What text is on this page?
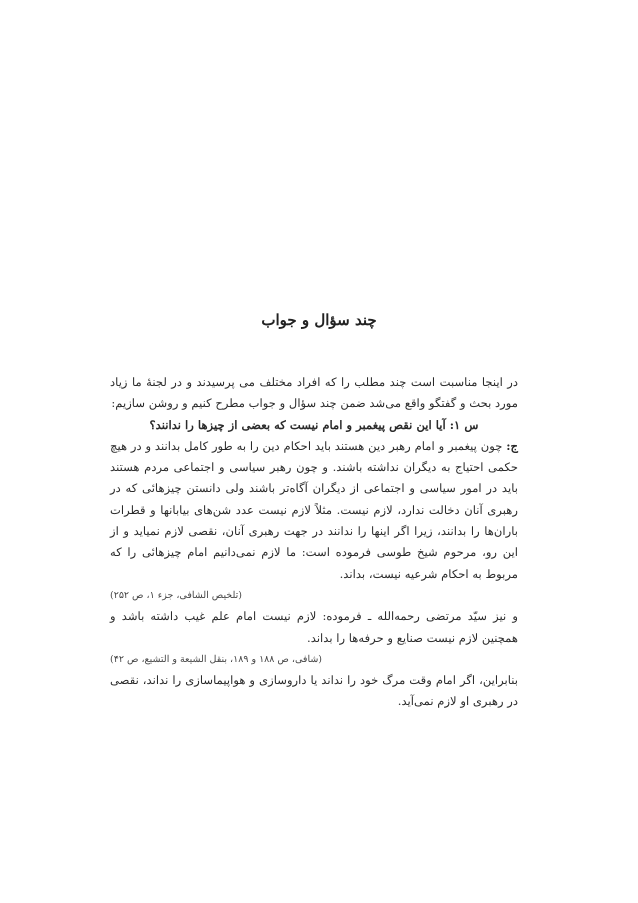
چند سؤال و جواب

در اینجا مناسبت است چند مطلب را که افراد مختلف می پرسیدند و در لجنهٔ ما زیاد مورد بحث و گفتگو واقع می‌شد ضمن چند سؤال و جواب مطرح کنیم و روشن سازیم:

س ۱: آیا این نقص پیغمبر و امام نیست که بعضی از چیزها را ندانند؟

ج: چون پیغمبر و امام رهبر دین هستند باید احکام دین را به طور کامل بدانند و در هیچ حکمی احتیاج به دیگران نداشته باشند. و چون رهبر سیاسی و اجتماعی مردم هستند باید در امور سیاسی و اجتماعی از دیگران آگاه‌تر باشند ولی دانستن چیزهائی که در رهبری آنان دخالت ندارد، لازم نیست. مثلاً لازم نیست عدد شن‌های بیابانها و قطرات باران‌ها را بدانند، زیرا اگر اینها را ندانند در جهت رهبری آنان، نقصی لازم نمیاید و از این رو، مرحوم شیخ طوسی فرموده است: ما لازم نمی‌دانیم امام چیزهائی را که مربوط به احکام شرعیه نیست، بداند.

(تلخیص الشافی، جزء ۱، ص ۲۵۲)

و نیز سیّد مرتضی رحمه‌الله ـ فرموده: لازم نیست امام علم غیب داشته باشد و همچنین لازم نیست صنایع و حرفه‌ها را بداند.

(شافی، ص ۱۸۸ و ۱۸۹، بنقل الشیعة و التشیع، ص ۴۲)

بنابراین، اگر امام وقت مرگ خود را نداند یا داروسازی و هواپیماسازی را نداند، نقصی در رهبری او لازم نمی‌آید.
